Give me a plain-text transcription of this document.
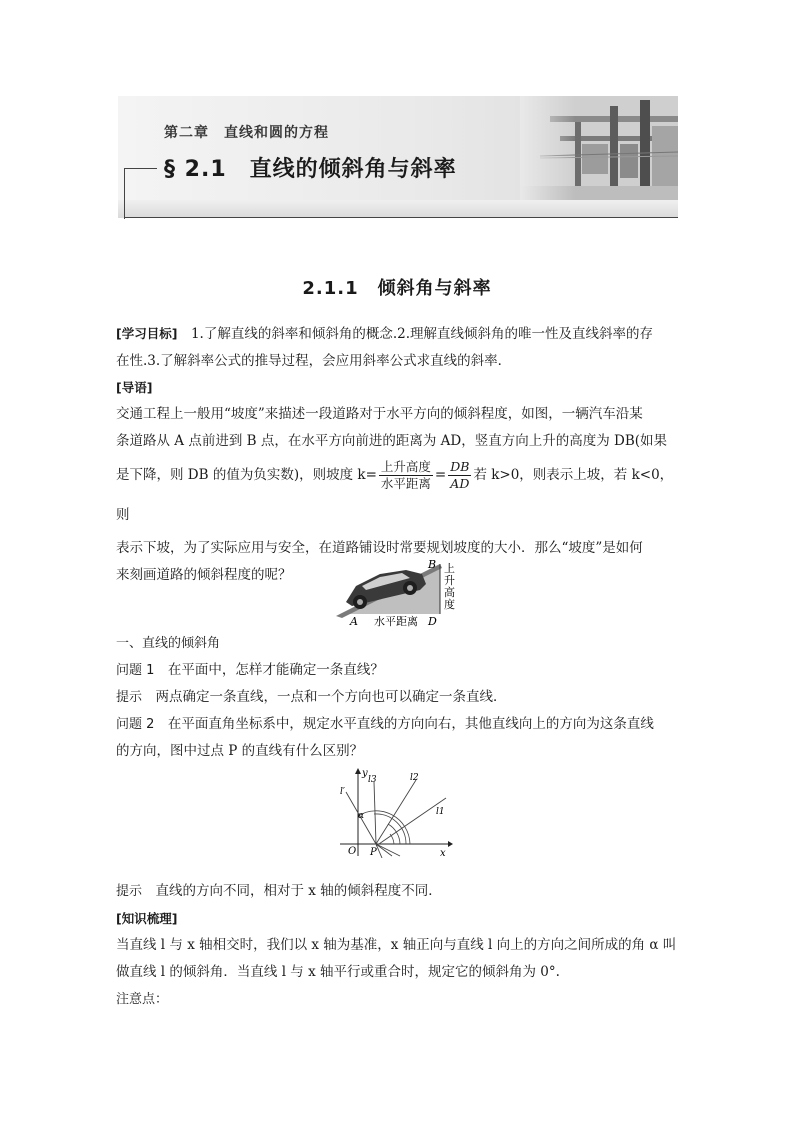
第二章　直线和圆的方程
§ 2.1　直线的倾斜角与斜率
2.1.1　倾斜角与斜率
[学习目标]　 1.了解直线的斜率和倾斜角的概念.2.理解直线倾斜角的唯一性及直线斜率的存
在性.3.了解斜率公式的推导过程，会应用斜率公式求直线的斜率．
[导语]
交通工程上一般用“坡度”来描述一段道路对于水平方向的倾斜程度，如图，一辆汽车沿某
条道路从 A 点前进到 B 点，在水平方向前进的距离为 AD，竖直方向上升的高度为 DB(如果
是下降，则 DB 的值为负实数)，则坡度 $k= \frac{\text{上升高度}}{\text{水平距离}} = \frac{DB}{AD}$ 若 k>0，则表示上坡，若 k<0，则
表示下坡，为了实际应用与安全，在道路铺设时常要规划坡度的大小．那么“坡度”是如何
来刻画道路的倾斜程度的呢？
B 上
升
高
度
A 水平距离 D
一、直线的倾斜角
问题 1　 在平面中，怎样才能确定一条直线？
提示　 两点确定一条直线，一点和一个方向也可以确定一条直线．
问题 2　 在平面直角坐标系中，规定水平直线的方向向右，其他直线向上的方向为这条直线
的方向，图中过点 P 的直线有什么区别？
y
x
O P
l′
l3	l2
l1
α
提示　 直线的方向不同，相对于 x 轴的倾斜程度不同．
[知识梳理]
当直线 l 与 x 轴相交时，我们以 x 轴为基准，x 轴正向与直线 l 向上的方向之间所成的角 α 叫
做直线 l 的倾斜角．当直线 l 与 x 轴平行或重合时，规定它的倾斜角为 0°.
注意点：
